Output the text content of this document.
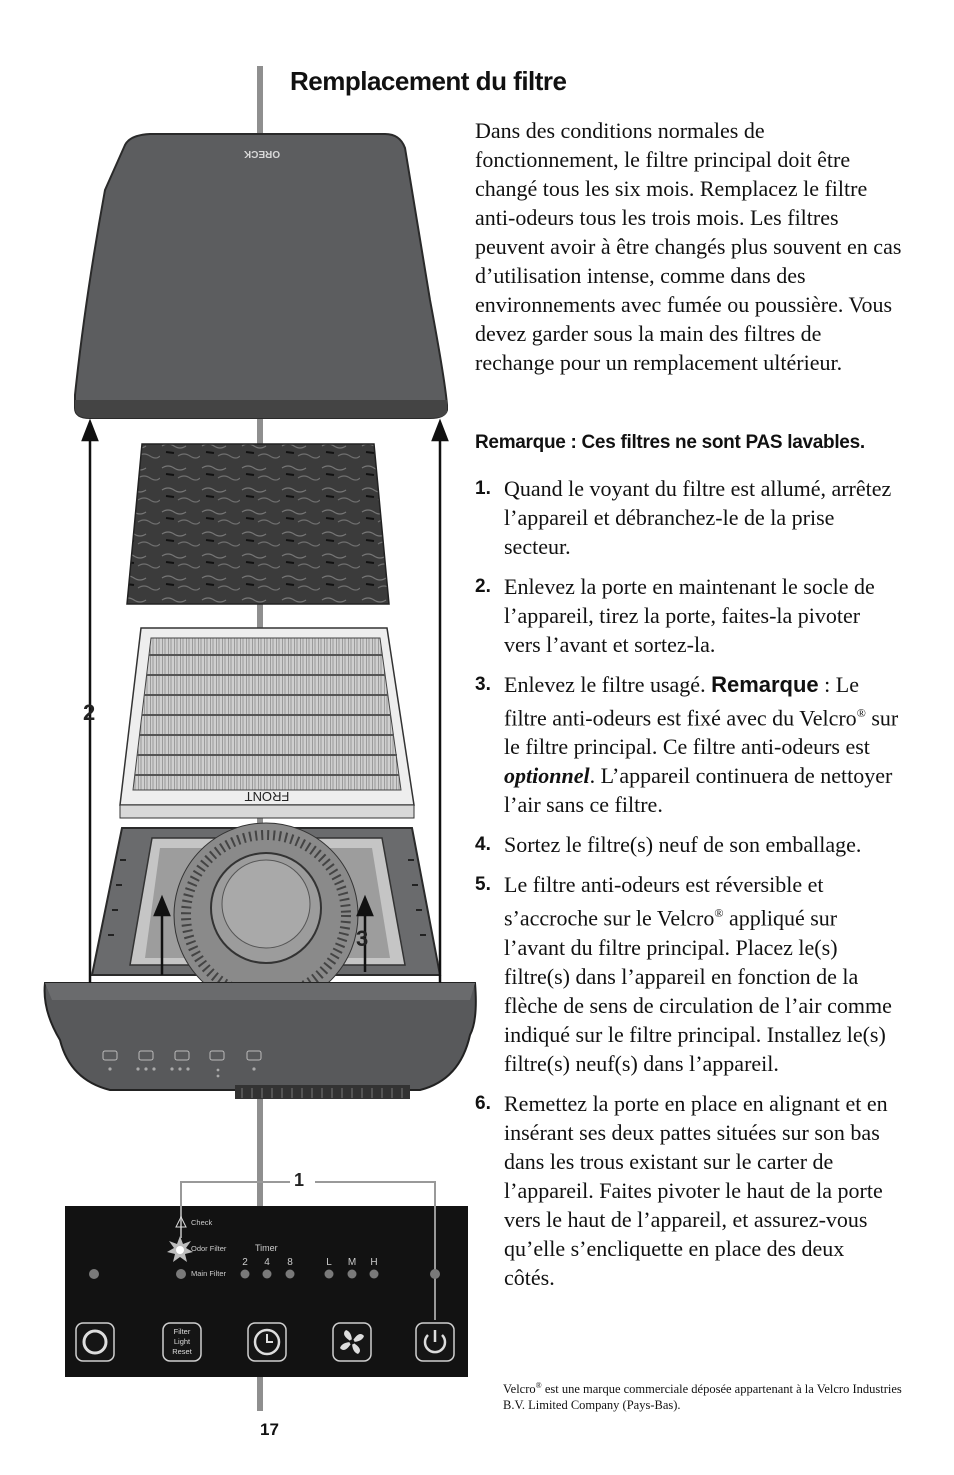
ORECK
FRONT
Check
Odor Filter
Main Filter
Timer
2 4 8	L M H
Filter
Light
Reset
2
3
1
Remplacement du filtre
Dans des conditions normales de fonctionnement, le filtre principal doit être changé tous les six mois. Remplacez le filtre anti-odeurs tous les trois mois. Les filtres peuvent avoir à être changés plus souvent en cas d’utilisation intense, comme dans des environnements avec fumée ou poussière. Vous devez garder sous la main des filtres de rechange pour un remplacement ultérieur.
Remarque : Ces filtres ne sont PAS lavables.
1. Quand le voyant du filtre est allumé, arrêtez l’appareil et débranchez-le de la prise secteur.
2. Enlevez la porte en maintenant le socle de l’appareil, tirez la porte, faites-la pivoter vers l’avant et sortez-la.
3. Enlevez le filtre usagé. Remarque : Le filtre anti-odeurs est fixé avec du Velcro® sur le filtre principal. Ce filtre anti-odeurs est optionnel. L’appareil continuera de nettoyer l’air sans ce filtre.
4. Sortez le filtre(s) neuf de son emballage.
5. Le filtre anti-odeurs est réversible et s’accroche sur le Velcro® appliqué sur l’avant du filtre principal. Placez le(s) filtre(s) dans l’appareil en fonction de la flèche de sens de circulation de l’air comme indiqué sur le filtre principal. Installez le(s) filtre(s) neuf(s) dans l’appareil.
6. Remettez la porte en place en alignant et en insérant ses deux pattes situées sur son bas dans les trous existant sur le carter de l’appareil. Faites pivoter le haut de la porte vers le haut de l’appareil, et assurez-vous qu’elle s’encliquette en place des deux côtés.
Velcro® est une marque commerciale déposée appartenant à la Velcro Industries B.V. Limited Company (Pays-Bas).
17
